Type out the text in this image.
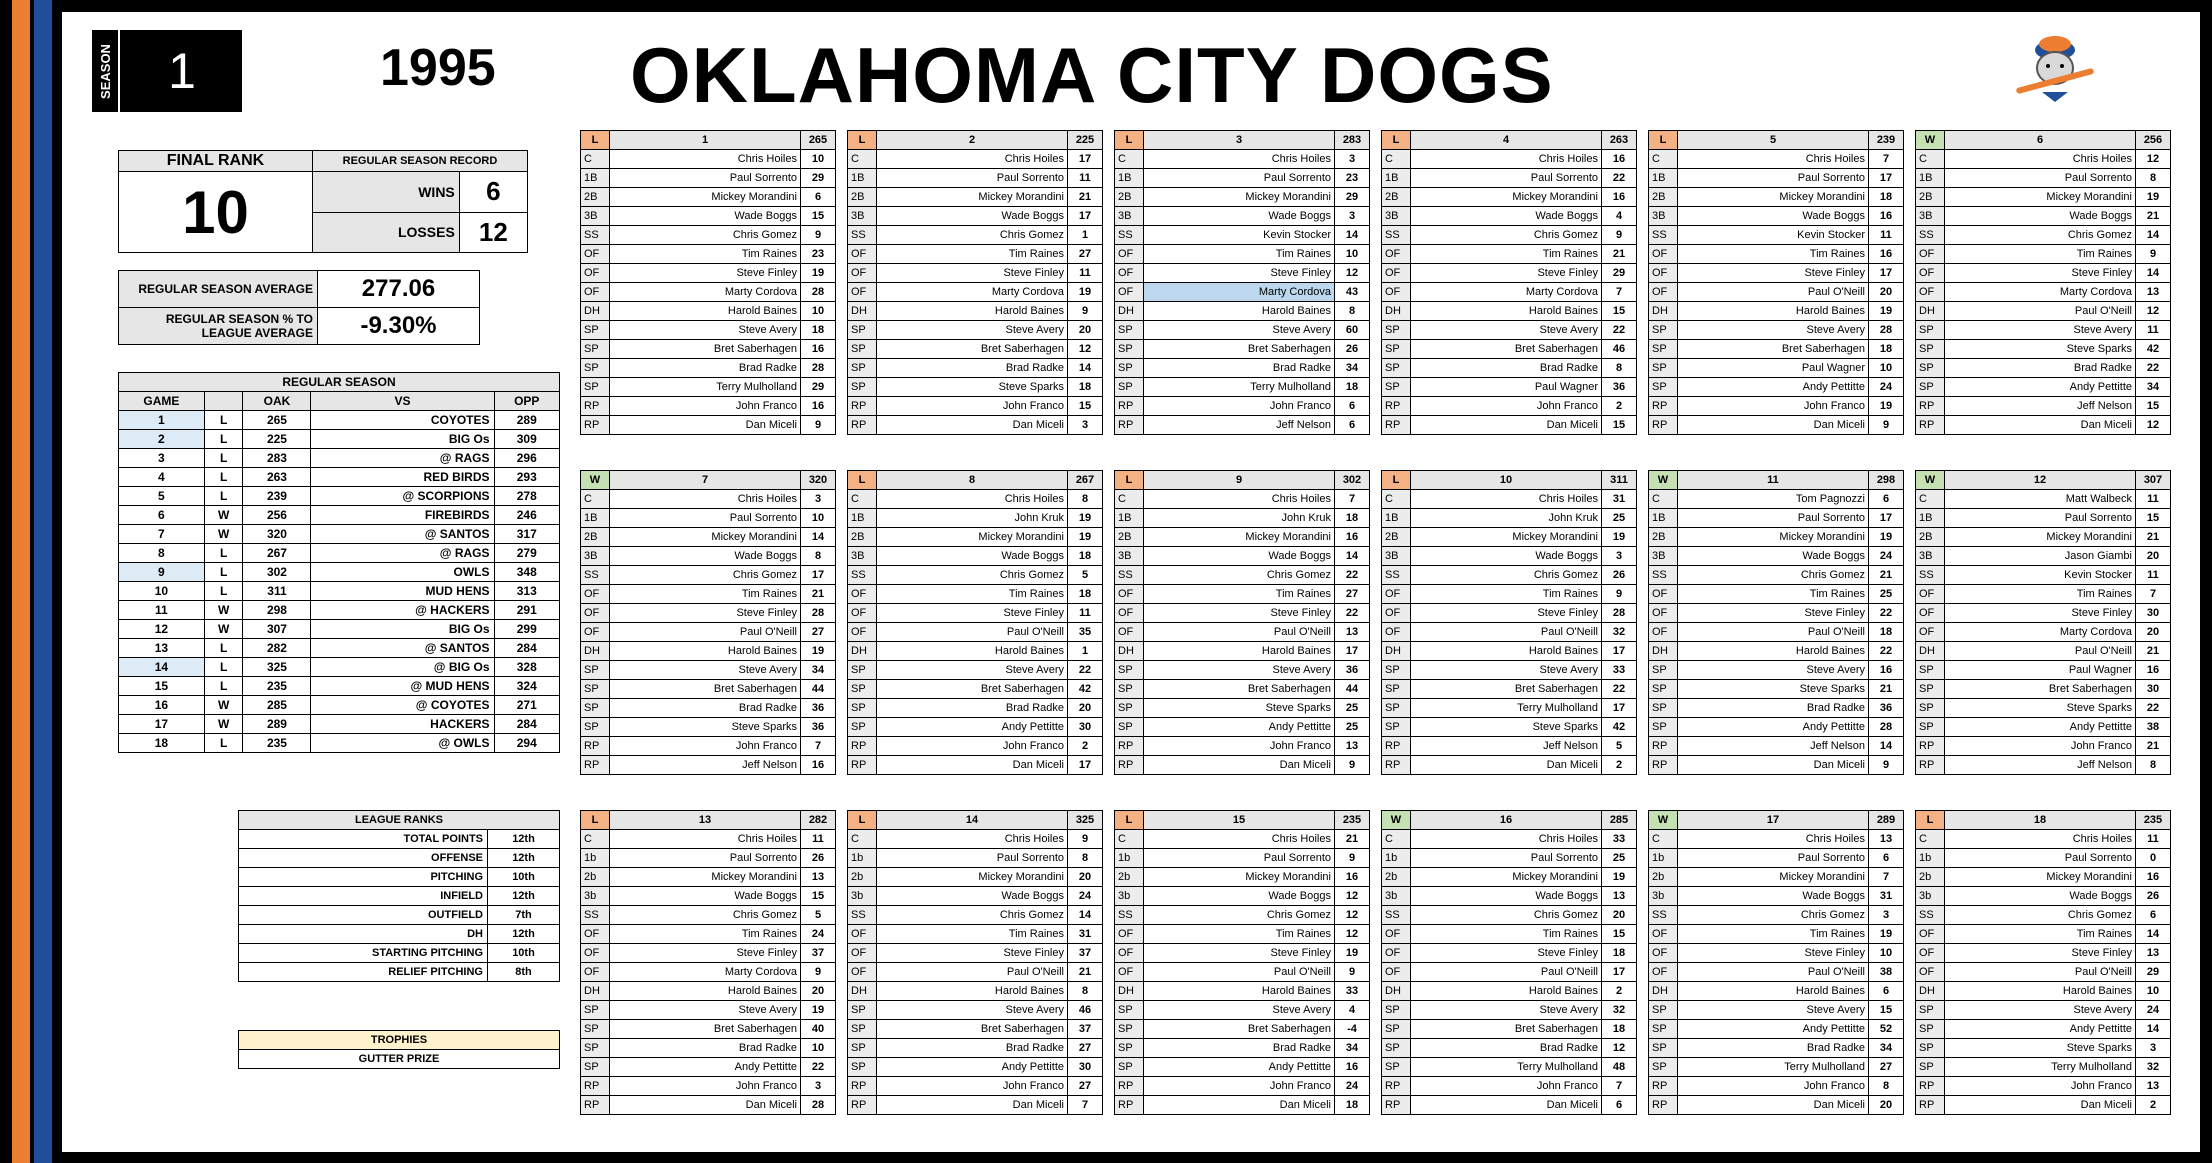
SEASON	1	1995 OKLAHOMA CITY DOGS
FINAL RANK	REGULAR SEASON RECORD	
10	WINS	6
	LOSSES	12
REGULAR SEASON AVERAGE	277.06
REGULAR SEASON % TO LEAGUE AVERAGE	-9.30%
REGULAR SEASON				
GAME		OAK	VS	OPP
1	L	265	COYOTES	289
2	L	225	BIG Os	309
3	L	283	@ RAGS	296
4	L	263	RED BIRDS	293
5	L	239	@ SCORPIONS	278
6	W	256	FIREBIRDS	246
7	W	320	@ SANTOS	317
8	L	267	@ RAGS	279
9	L	302	OWLS	348
10	L	311	MUD HENS	313
11	W	298	@ HACKERS	291
12	W	307	BIG Os	299
13	L	282	@ SANTOS	284
14	L	325	@ BIG Os	328
15	L	235	@ MUD HENS	324
16	W	285	@ COYOTES	271
17	W	289	HACKERS	284
18	L	235	@ OWLS	294
LEAGUE RANKS	
TOTAL POINTS	12th
OFFENSE	12th
PITCHING	10th
INFIELD	12th
OUTFIELD	7th
DH	12th
STARTING PITCHING	10th
RELIEF PITCHING	8th
TROPHIES
GUTTER PRIZE
L	1	265
C	Chris Hoiles	10
1B	Paul Sorrento	29
2B	Mickey Morandini	6
3B	Wade Boggs	15
SS	Chris Gomez	9
OF	Tim Raines	23
OF	Steve Finley	19
OF	Marty Cordova	28
DH	Harold Baines	10
SP	Steve Avery	18
SP	Bret Saberhagen	16
SP	Brad Radke	28
SP	Terry Mulholland	29
RP	John Franco	16
RP	Dan Miceli	9
L	2	225
C	Chris Hoiles	17
1B	Paul Sorrento	11
2B	Mickey Morandini	21
3B	Wade Boggs	17
SS	Chris Gomez	1
OF	Tim Raines	27
OF	Steve Finley	11
OF	Marty Cordova	19
DH	Harold Baines	9
SP	Steve Avery	20
SP	Bret Saberhagen	12
SP	Brad Radke	14
SP	Steve Sparks	18
RP	John Franco	15
RP	Dan Miceli	3
L	3	283
C	Chris Hoiles	3
1B	Paul Sorrento	23
2B	Mickey Morandini	29
3B	Wade Boggs	3
SS	Kevin Stocker	14
OF	Tim Raines	10
OF	Steve Finley	12
OF	Marty Cordova	43
DH	Harold Baines	8
SP	Steve Avery	60
SP	Bret Saberhagen	26
SP	Brad Radke	34
SP	Terry Mulholland	18
RP	John Franco	6
RP	Jeff Nelson	6
L	4	263
C	Chris Hoiles	16
1B	Paul Sorrento	22
2B	Mickey Morandini	16
3B	Wade Boggs	4
SS	Chris Gomez	9
OF	Tim Raines	21
OF	Steve Finley	29
OF	Marty Cordova	7
DH	Harold Baines	15
SP	Steve Avery	22
SP	Bret Saberhagen	46
SP	Brad Radke	8
SP	Paul Wagner	36
RP	John Franco	2
RP	Dan Miceli	15
L	5	239
C	Chris Hoiles	7
1B	Paul Sorrento	17
2B	Mickey Morandini	18
3B	Wade Boggs	16
SS	Kevin Stocker	11
OF	Tim Raines	16
OF	Steve Finley	17
OF	Paul O'Neill	20
DH	Harold Baines	19
SP	Steve Avery	28
SP	Bret Saberhagen	18
SP	Paul Wagner	10
SP	Andy Pettitte	24
RP	John Franco	19
RP	Dan Miceli	9
W	6	256
C	Chris Hoiles	12
1B	Paul Sorrento	8
2B	Mickey Morandini	19
3B	Wade Boggs	21
SS	Chris Gomez	14
OF	Tim Raines	9
OF	Steve Finley	14
OF	Marty Cordova	13
DH	Paul O'Neill	12
SP	Steve Avery	11
SP	Steve Sparks	42
SP	Brad Radke	22
SP	Andy Pettitte	34
RP	Jeff Nelson	15
RP	Dan Miceli	12
W	7	320
C	Chris Hoiles	3
1B	Paul Sorrento	10
2B	Mickey Morandini	14
3B	Wade Boggs	8
SS	Chris Gomez	17
OF	Tim Raines	21
OF	Steve Finley	28
OF	Paul O'Neill	27
DH	Harold Baines	19
SP	Steve Avery	34
SP	Bret Saberhagen	44
SP	Brad Radke	36
SP	Steve Sparks	36
RP	John Franco	7
RP	Jeff Nelson	16
L	8	267
C	Chris Hoiles	8
1B	John Kruk	19
2B	Mickey Morandini	19
3B	Wade Boggs	18
SS	Chris Gomez	5
OF	Tim Raines	18
OF	Steve Finley	11
OF	Paul O'Neill	35
DH	Harold Baines	1
SP	Steve Avery	22
SP	Bret Saberhagen	42
SP	Brad Radke	20
SP	Andy Pettitte	30
RP	John Franco	2
RP	Dan Miceli	17
L	9	302
C	Chris Hoiles	7
1B	John Kruk	18
2B	Mickey Morandini	16
3B	Wade Boggs	14
SS	Chris Gomez	22
OF	Tim Raines	27
OF	Steve Finley	22
OF	Paul O'Neill	13
DH	Harold Baines	17
SP	Steve Avery	36
SP	Bret Saberhagen	44
SP	Steve Sparks	25
SP	Andy Pettitte	25
RP	John Franco	13
RP	Dan Miceli	9
L	10	311
C	Chris Hoiles	31
1B	John Kruk	25
2B	Mickey Morandini	19
3B	Wade Boggs	3
SS	Chris Gomez	26
OF	Tim Raines	9
OF	Steve Finley	28
OF	Paul O'Neill	32
DH	Harold Baines	17
SP	Steve Avery	33
SP	Bret Saberhagen	22
SP	Terry Mulholland	17
SP	Steve Sparks	42
RP	Jeff Nelson	5
RP	Dan Miceli	2
W	11	298
C	Tom Pagnozzi	6
1B	Paul Sorrento	17
2B	Mickey Morandini	19
3B	Wade Boggs	24
SS	Chris Gomez	21
OF	Tim Raines	25
OF	Steve Finley	22
OF	Paul O'Neill	18
DH	Harold Baines	22
SP	Steve Avery	16
SP	Steve Sparks	21
SP	Brad Radke	36
SP	Andy Pettitte	28
RP	Jeff Nelson	14
RP	Dan Miceli	9
W	12	307
C	Matt Walbeck	11
1B	Paul Sorrento	15
2B	Mickey Morandini	21
3B	Jason Giambi	20
SS	Kevin Stocker	11
OF	Tim Raines	7
OF	Steve Finley	30
OF	Marty Cordova	20
DH	Paul O'Neill	21
SP	Paul Wagner	16
SP	Bret Saberhagen	30
SP	Steve Sparks	22
SP	Andy Pettitte	38
RP	John Franco	21
RP	Jeff Nelson	8
L	13	282
C	Chris Hoiles	11
1b	Paul Sorrento	26
2b	Mickey Morandini	13
3b	Wade Boggs	15
SS	Chris Gomez	5
OF	Tim Raines	24
OF	Steve Finley	37
OF	Marty Cordova	9
DH	Harold Baines	20
SP	Steve Avery	19
SP	Bret Saberhagen	40
SP	Brad Radke	10
SP	Andy Pettitte	22
RP	John Franco	3
RP	Dan Miceli	28
L	14	325
C	Chris Hoiles	9
1b	Paul Sorrento	8
2b	Mickey Morandini	20
3b	Wade Boggs	24
SS	Chris Gomez	14
OF	Tim Raines	31
OF	Steve Finley	37
OF	Paul O'Neill	21
DH	Harold Baines	8
SP	Steve Avery	46
SP	Bret Saberhagen	37
SP	Brad Radke	27
SP	Andy Pettitte	30
RP	John Franco	27
RP	Dan Miceli	7
L	15	235
C	Chris Hoiles	21
1b	Paul Sorrento	9
2b	Mickey Morandini	16
3b	Wade Boggs	12
SS	Chris Gomez	12
OF	Tim Raines	12
OF	Steve Finley	19
OF	Paul O'Neill	9
DH	Harold Baines	33
SP	Steve Avery	4
SP	Bret Saberhagen	-4
SP	Brad Radke	34
SP	Andy Pettitte	16
RP	John Franco	24
RP	Dan Miceli	18
W	16	285
C	Chris Hoiles	33
1b	Paul Sorrento	25
2b	Mickey Morandini	19
3b	Wade Boggs	13
SS	Chris Gomez	20
OF	Tim Raines	15
OF	Steve Finley	18
OF	Paul O'Neill	17
DH	Harold Baines	2
SP	Steve Avery	32
SP	Bret Saberhagen	18
SP	Brad Radke	12
SP	Terry Mulholland	48
RP	John Franco	7
RP	Dan Miceli	6
W	17	289
C	Chris Hoiles	13
1b	Paul Sorrento	6
2b	Mickey Morandini	7
3b	Wade Boggs	31
SS	Chris Gomez	3
OF	Tim Raines	19
OF	Steve Finley	10
OF	Paul O'Neill	38
DH	Harold Baines	6
SP	Steve Avery	15
SP	Andy Pettitte	52
SP	Brad Radke	34
SP	Terry Mulholland	27
RP	John Franco	8
RP	Dan Miceli	20
L	18	235
C	Chris Hoiles	11
1b	Paul Sorrento	0
2b	Mickey Morandini	16
3b	Wade Boggs	26
SS	Chris Gomez	6
OF	Tim Raines	14
OF	Steve Finley	13
OF	Paul O'Neill	29
DH	Harold Baines	10
SP	Steve Avery	24
SP	Andy Pettitte	14
SP	Steve Sparks	3
SP	Terry Mulholland	32
RP	John Franco	13
RP	Dan Miceli	2
